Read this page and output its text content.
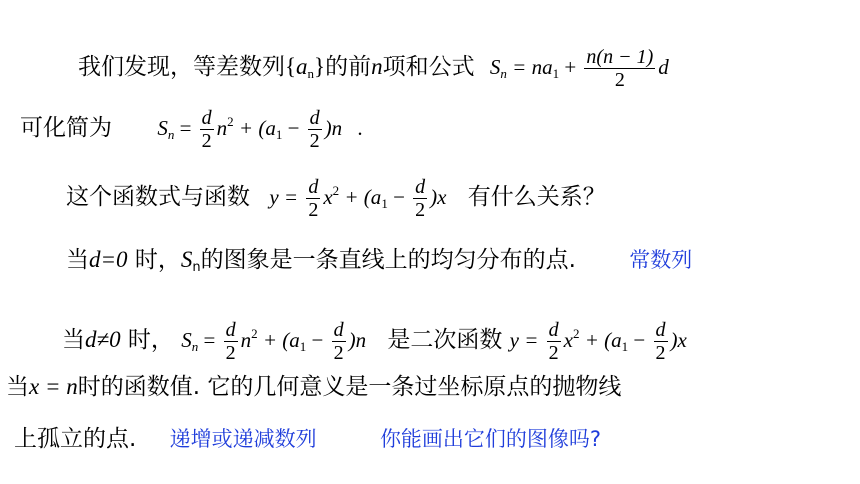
我们发现，等差数列$\{a_n\}$的前n项和公式 $S_n = na_1 + \frac{n(n - 1)}{2}$ d
可化简为 $S_n = \frac{d}{2} n^2 + (a_1 - \frac{d}{2} )n$ .
这个函数式与函数 $y = \frac{d}{2} x^2 + (a_1 - \frac{d}{2} )x$ 有什么关系？
当d=0 时，$S_n$的图象是一条直线上的均匀分布的点.	常数列
当d≠0 时， $S_n = \frac{d}{2} n^2 + (a_1 - \frac{d}{2} )n$ 是二次函数 $y = \frac{d}{2} x^2 + (a_1 - \frac{d}{2} )x$
当x = n时的函数值. 它的几何意义是一条过坐标原点的抛物线
上孤立的点. 递增或递减数列	你能画出它们的图像吗?
